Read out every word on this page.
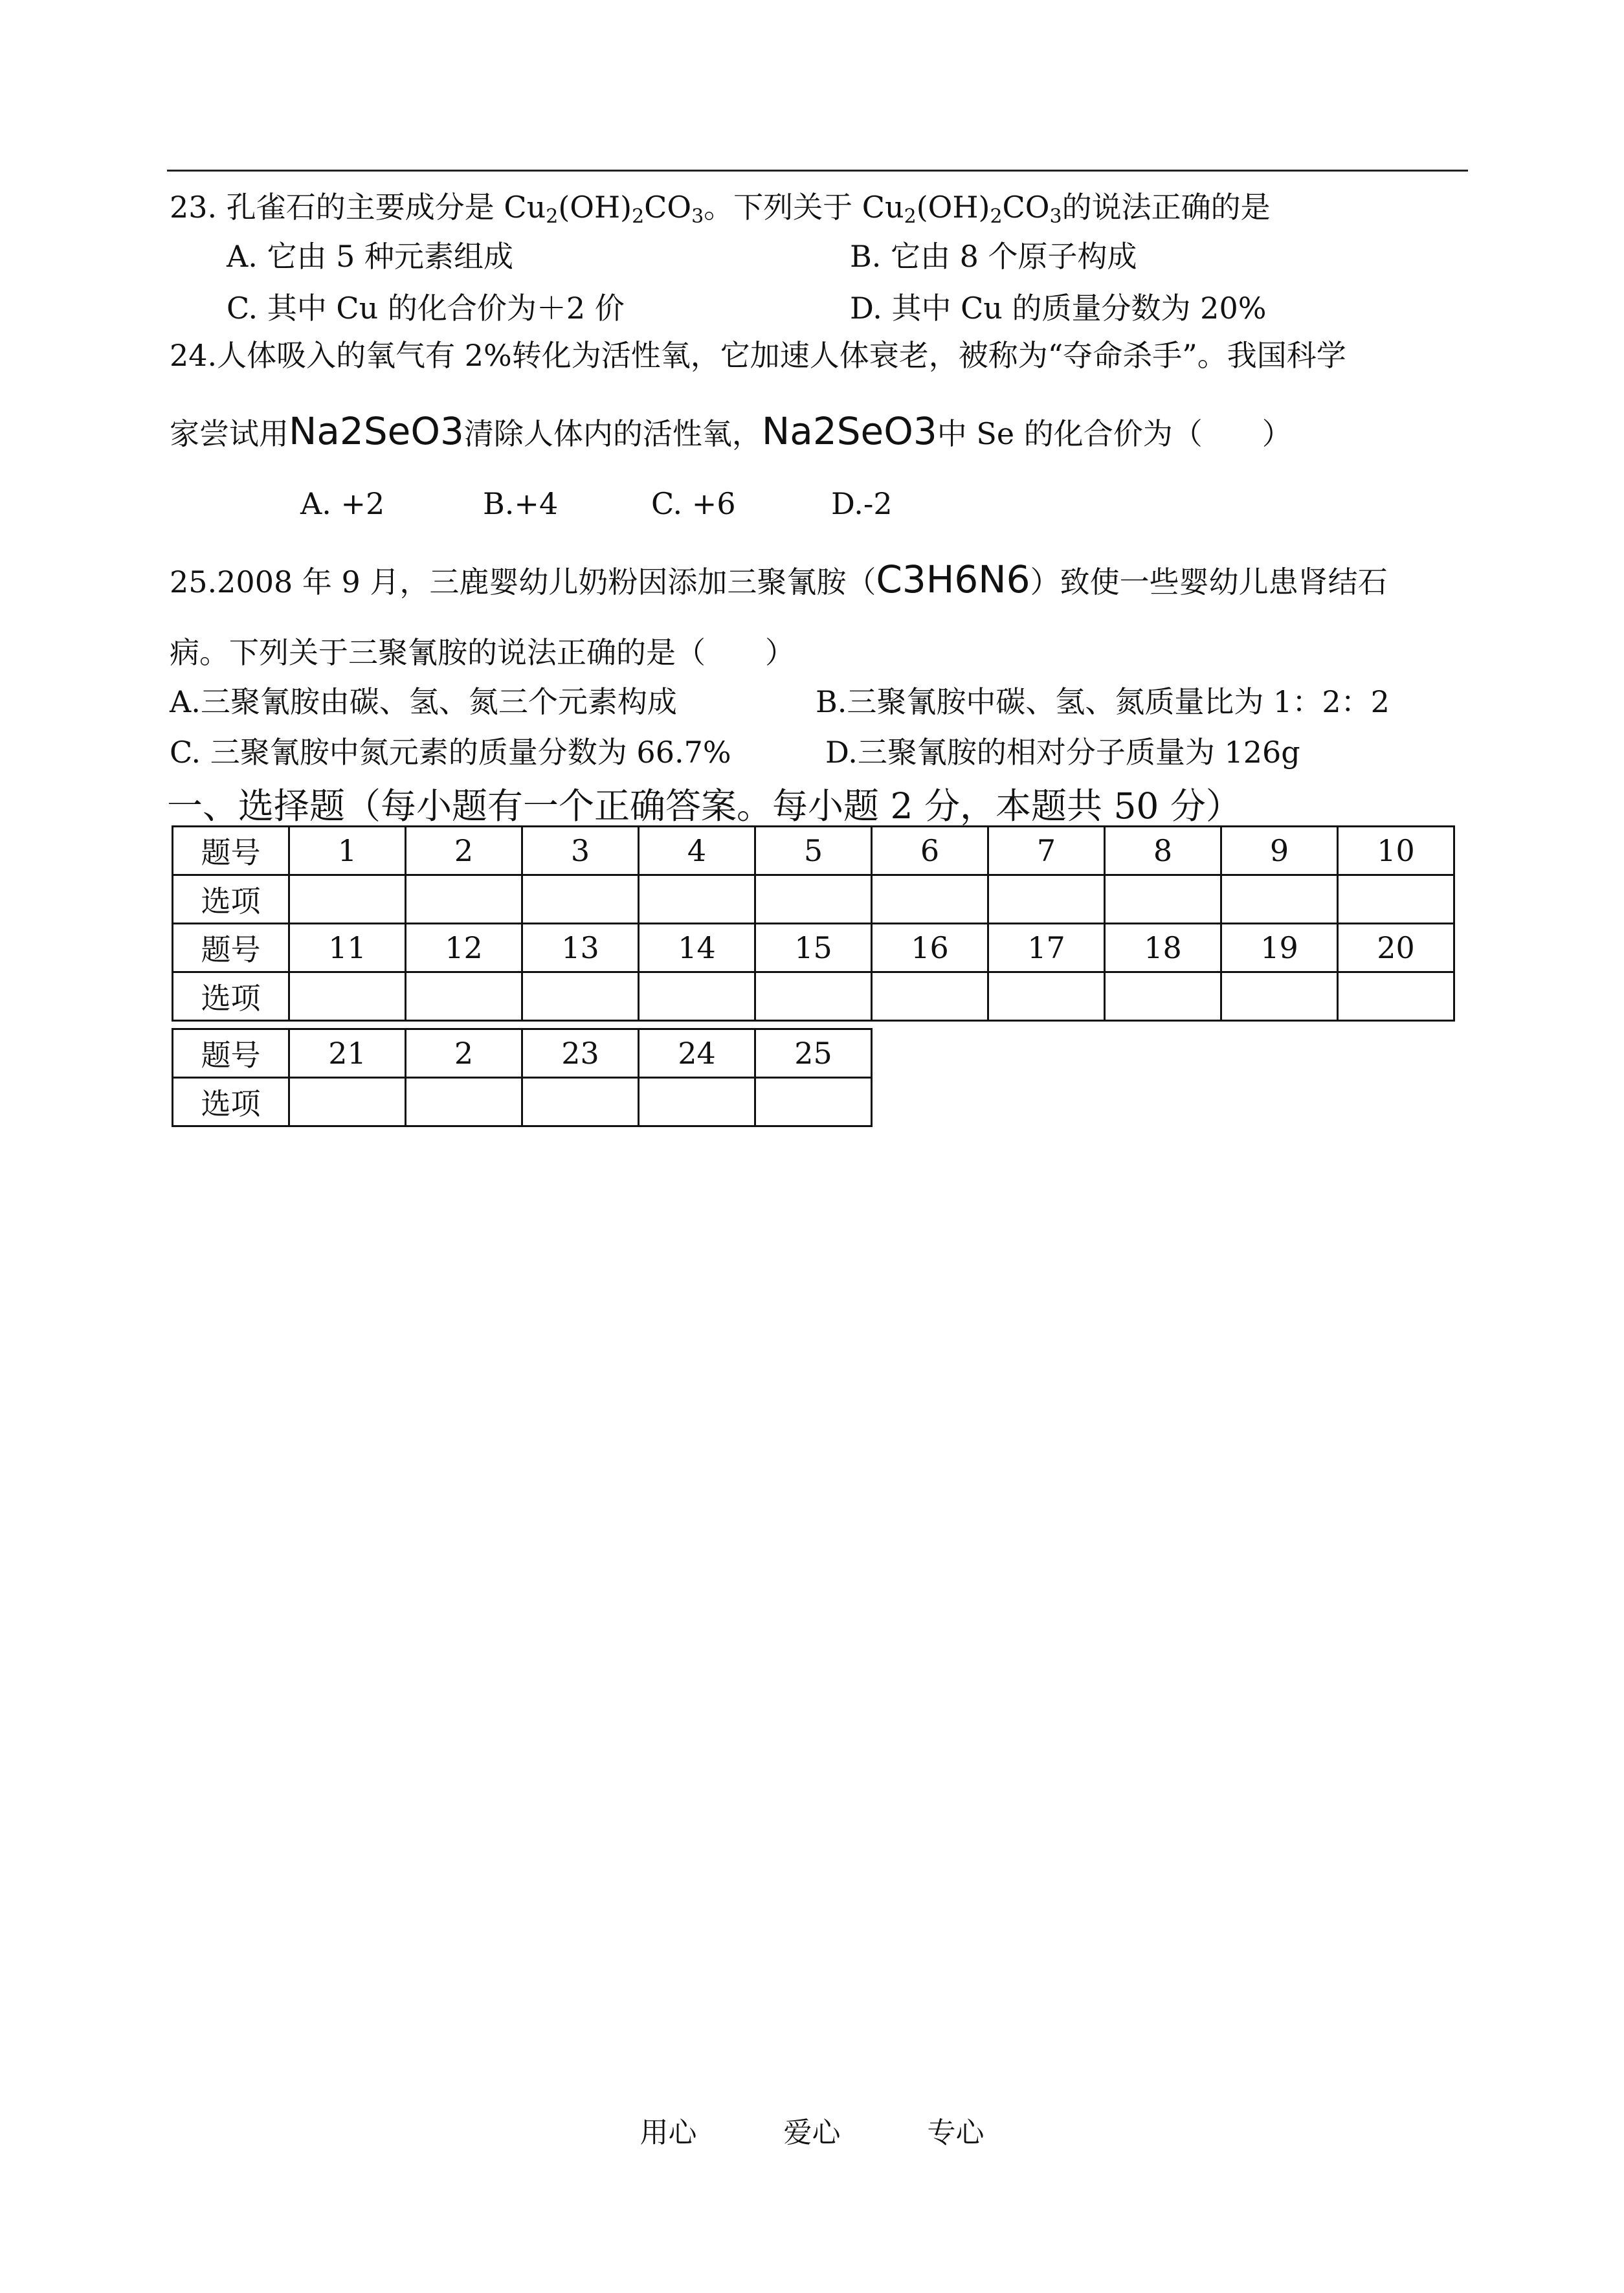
23. 孔雀石的主要成分是 $Cu_2(OH)_2CO_3$。下列关于 $Cu_2(OH)_2CO_3$的说法正确的是
A. 它由 5 种元素组成	B. 它由 8 个原子构成
C. 其中 Cu 的化合价为＋2 价	D. 其中 Cu 的质量分数为 20%
24.人体吸入的氧气有 2%转化为活性氧，它加速人体衰老，被称为“夺命杀手”。我国科学
家尝试用Na2SeO3清除人体内的活性氧，Na2SeO3中 Se 的化合价为（　　）
A. +2	B.+4	C. +6	D.-2
25.2008 年 9 月，三鹿婴幼儿奶粉因添加三聚氰胺（C3H6N6）致使一些婴幼儿患肾结石
病。下列关于三聚氰胺的说法正确的是（　　）
A.三聚氰胺由碳、氢、氮三个元素构成	B.三聚氰胺中碳、氢、氮质量比为 1：2：2
C. 三聚氰胺中氮元素的质量分数为 66.7%	D.三聚氰胺的相对分子质量为 126g
一、选择题（每小题有一个正确答案。每小题 2 分，本题共 50 分）
题号	1	2	3	4	5	6	7	8	9	10
选项										
题号	11	12	13	14	15	16	17	18	19	20
选项										
题号	21	2	23	24	25
选项					
用心	爱心	专心
